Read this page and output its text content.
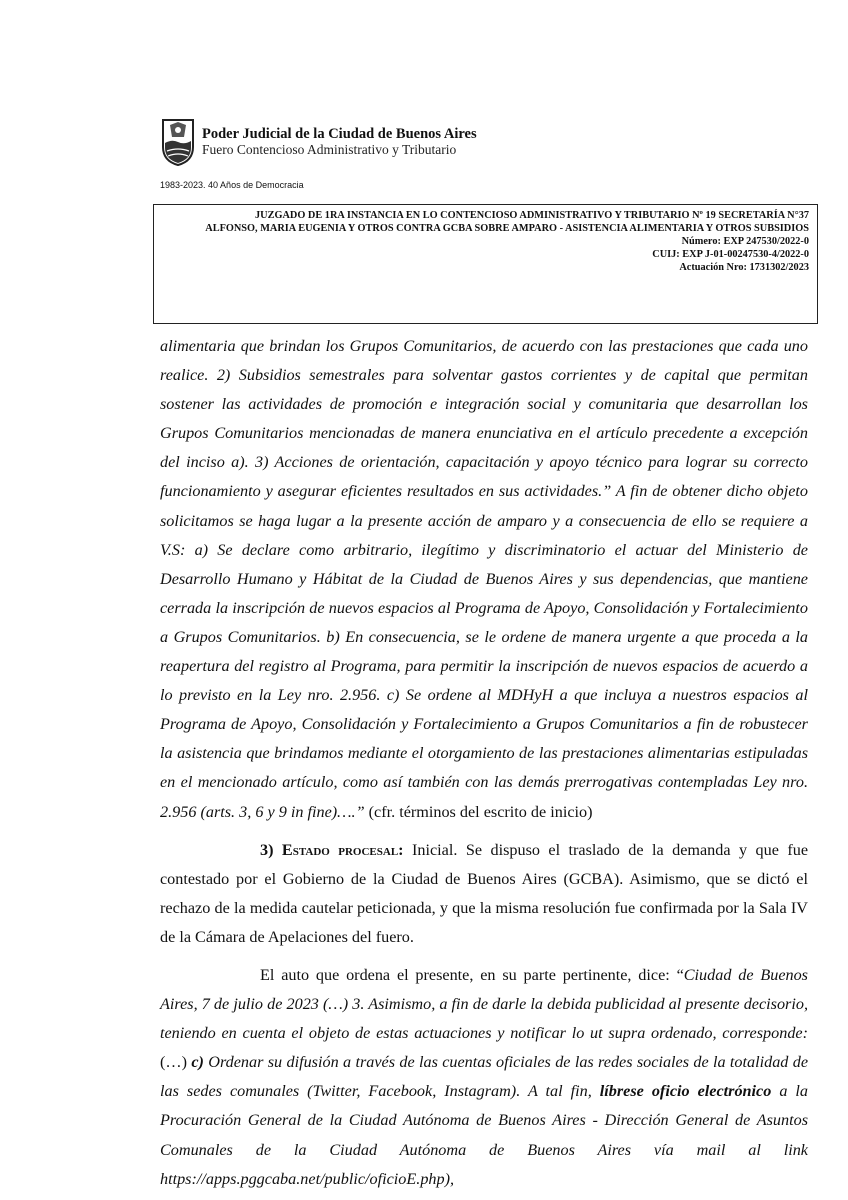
Poder Judicial de la Ciudad de Buenos Aires
Fuero Contencioso Administrativo y Tributario
1983-2023. 40 Años de Democracia

JUZGADO DE 1RA INSTANCIA EN LO CONTENCIOSO ADMINISTRATIVO Y TRIBUTARIO Nº 19 SECRETARÍA N°37

ALFONSO, MARIA EUGENIA Y OTROS CONTRA GCBA SOBRE AMPARO - ASISTENCIA ALIMENTARIA Y OTROS SUBSIDIOS

Número: EXP 247530/2022-0

CUIJ: EXP J-01-00247530-4/2022-0

Actuación Nro: 1731302/2023

alimentaria que brindan los Grupos Comunitarios, de acuerdo con las prestaciones que cada uno realice. 2) Subsidios semestrales para solventar gastos corrientes y de capital que permitan sostener las actividades de promoción e integración social y comunitaria que desarrollan los Grupos Comunitarios mencionadas de manera enunciativa en el artículo precedente a excepción del inciso a). 3) Acciones de orientación, capacitación y apoyo técnico para lograr su correcto funcionamiento y asegurar eficientes resultados en sus actividades.” A fin de obtener dicho objeto solicitamos se haga lugar a la presente acción de amparo y a consecuencia de ello se requiere a V.S: a) Se declare como arbitrario, ilegítimo y discriminatorio el actuar del Ministerio de Desarrollo Humano y Hábitat de la Ciudad de Buenos Aires y sus dependencias, que mantiene cerrada la inscripción de nuevos espacios al Programa de Apoyo, Consolidación y Fortalecimiento a Grupos Comunitarios. b) En consecuencia, se le ordene de manera urgente a que proceda a la reapertura del registro al Programa, para permitir la inscripción de nuevos espacios de acuerdo a lo previsto en la Ley nro. 2.956. c) Se ordene al MDHyH a que incluya a nuestros espacios al Programa de Apoyo, Consolidación y Fortalecimiento a Grupos Comunitarios a fin de robustecer la asistencia que brindamos mediante el otorgamiento de las prestaciones alimentarias estipuladas en el mencionado artículo, como así también con las demás prerrogativas contempladas Ley nro. 2.956 (arts. 3, 6 y 9 in fine)….” (cfr. términos del escrito de inicio)

3) Estado procesal: Inicial. Se dispuso el traslado de la demanda y que fue contestado por el Gobierno de la Ciudad de Buenos Aires (GCBA). Asimismo, que se dictó el rechazo de la medida cautelar peticionada, y que la misma resolución fue confirmada por la Sala IV de la Cámara de Apelaciones del fuero.

El auto que ordena el presente, en su parte pertinente, dice: “Ciudad de Buenos Aires, 7 de julio de 2023 (…) 3. Asimismo, a fin de darle la debida publicidad al presente decisorio, teniendo en cuenta el objeto de estas actuaciones y notificar lo ut supra ordenado, corresponde: (…) c) Ordenar su difusión a través de las cuentas oficiales de las redes sociales de la totalidad de las sedes comunales (Twitter, Facebook, Instagram). A tal fin, líbrese oficio electrónico a la Procuración General de la Ciudad Autónoma de Buenos Aires - Dirección General de Asuntos Comunales de la Ciudad Autónoma de Buenos Aires vía mail al link https://apps.pggcaba.net/public/oficioE.php),
